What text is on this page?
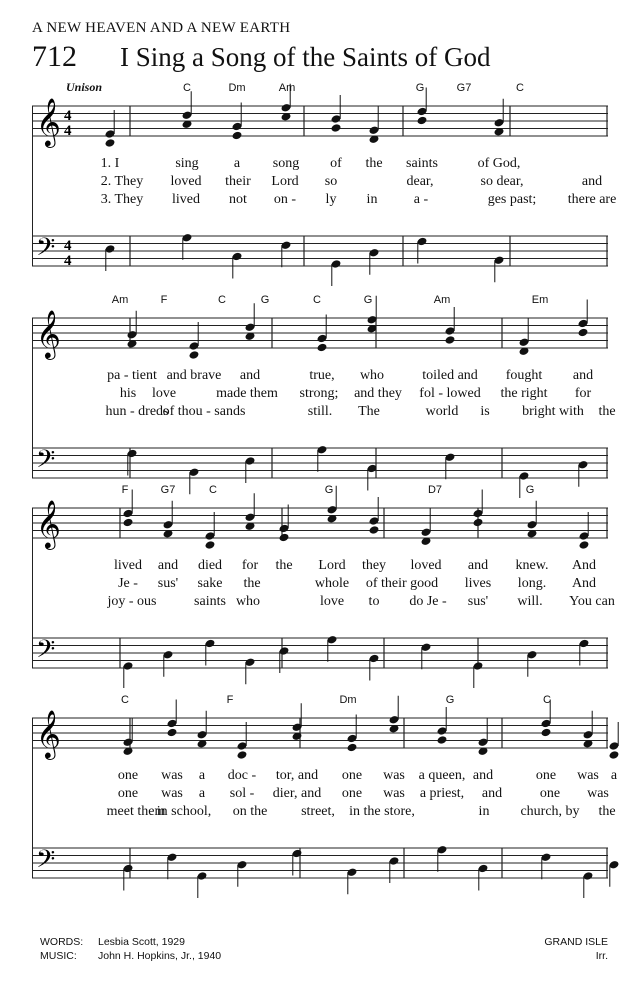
A NEW HEAVEN AND A NEW EARTH
712 I Sing a Song of the Saints of God
𝄞
𝄢
4
4
4
4
Unison	C	Dm	Am	G	G7	C
1. I	sing	a song of the saints	of God,
2. They loved their Lord so	dear,	so dear,	and
3. They lived not on - ly in	a -	ges past; there are
𝄞
𝄢
Am	F	C	G	C	G	Am	Em
pa - tient and brave and	true, who	toiled and fought and
his love	made them strong; and they fol - lowed the right for
hun - dreds
of thou - sands	still. The	world is bright with the
𝄞
𝄢
F	G7	C	G	D7	G
lived and died for the Lord they loved and knew. And
Je - sus' sake the	whole of their good lives long. And
joy - ous	saints who	love to do Je - sus' will. You can
𝄞
𝄢
C	F	Dm	G	C
one was a doc - tor, and one was a queen, and	one was a
one was a sol - dier, and one was a priest, and	one was
meet them
in school, on the street, in the store,	in church, by the
WORDS: Lesbia Scott, 1929
MUSIC: John H. Hopkins, Jr., 1940
GRAND ISLE
Irr.
